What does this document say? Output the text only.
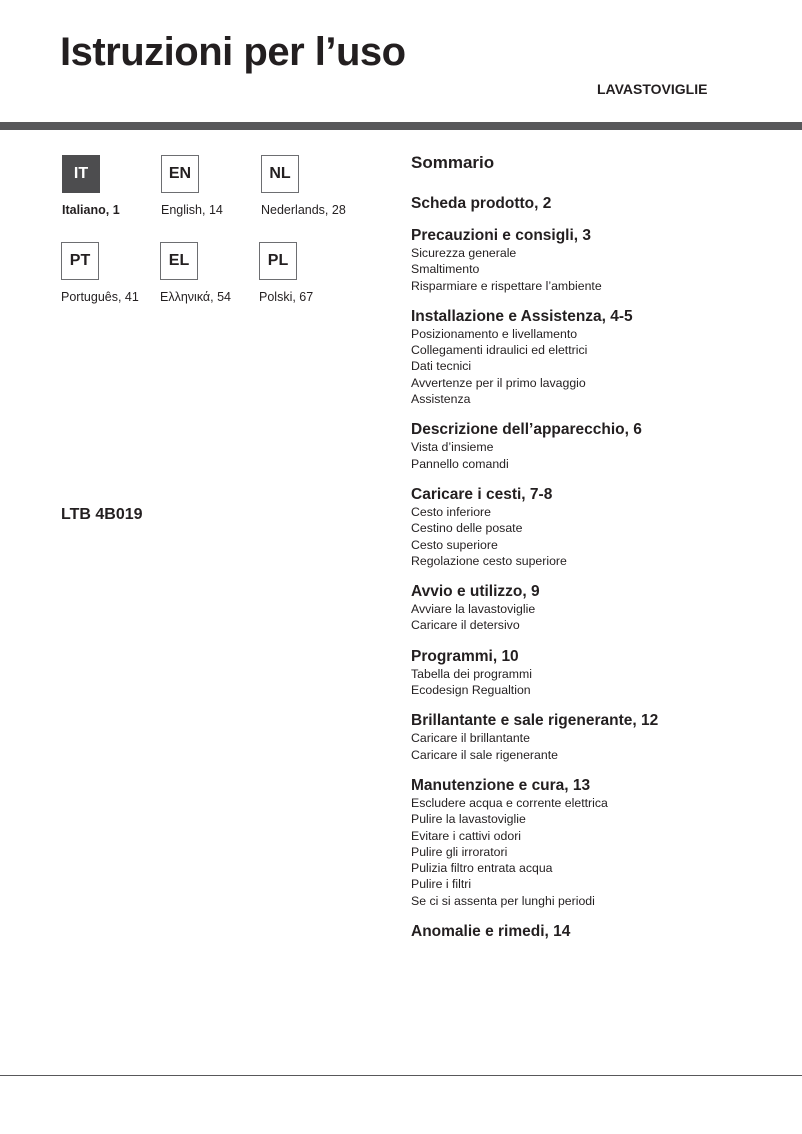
Istruzioni per l’uso
LAVASTOVIGLIE
IT
Italiano, 1
EN
English, 14
NL
Nederlands, 28
PT
Português, 41
EL
Ελληνικά, 54
PL
Polski, 67
LTB 4B019
Sommario
Scheda prodotto, 2
Precauzioni e consigli, 3
Sicurezza generale
Smaltimento
Risparmiare e rispettare l’ambiente
Installazione e Assistenza, 4-5
Posizionamento e livellamento
Collegamenti idraulici ed elettrici
Dati tecnici
Avvertenze per il primo lavaggio
Assistenza
Descrizione dell’apparecchio, 6
Vista d’insieme
Pannello comandi
Caricare i cesti, 7-8
Cesto inferiore
Cestino delle posate
Cesto superiore
Regolazione cesto superiore
Avvio e utilizzo, 9
Avviare la lavastoviglie
Caricare il detersivo
Programmi, 10
Tabella dei programmi
Ecodesign Regualtion
Brillantante e sale rigenerante, 12
Caricare il brillantante
Caricare il sale rigenerante
Manutenzione e cura, 13
Escludere acqua e corrente elettrica
Pulire la lavastoviglie
Evitare i cattivi odori
Pulire gli irroratori
Pulizia filtro entrata acqua
Pulire i filtri
Se ci si assenta per lunghi periodi
Anomalie e rimedi, 14
